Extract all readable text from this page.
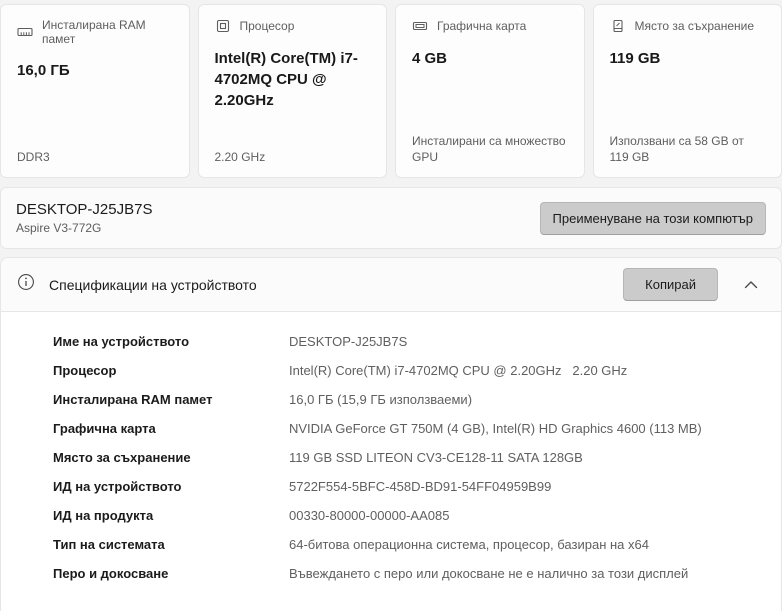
Инсталирана RAM памет
16,0 ГБ
DDR3
Процесор
Intel(R) Core(TM) i7-4702MQ CPU @ 2.20GHz
2.20 GHz
Графична карта
4 GB
Инсталирани са множество GPU
Място за съхранение
119 GB
Използвани са 58 GB от 119 GB
DESKTOP-J25JB7S
Aspire V3-772G
Преименуване на този компютър
Спецификации на устройството	Копирай
Име на устройството	DESKTOP-J25JB7S
Процесор	Intel(R) Core(TM) i7-4702MQ CPU @ 2.20GHz   2.20 GHz
Инсталирана RAM памет	16,0 ГБ (15,9 ГБ използваеми)
Графична карта	NVIDIA GeForce GT 750M (4 GB), Intel(R) HD Graphics 4600 (113 MB)
Място за съхранение	119 GB SSD LITEON CV3-CE128-11 SATA 128GB
ИД на устройството	5722F554-5BFC-458D-BD91-54FF04959B99
ИД на продукта	00330-80000-00000-AA085
Тип на системата	64-битова операционна система, процесор, базиран на x64
Перо и докосване	Въвеждането с перо или докосване не е налично за този дисплей
